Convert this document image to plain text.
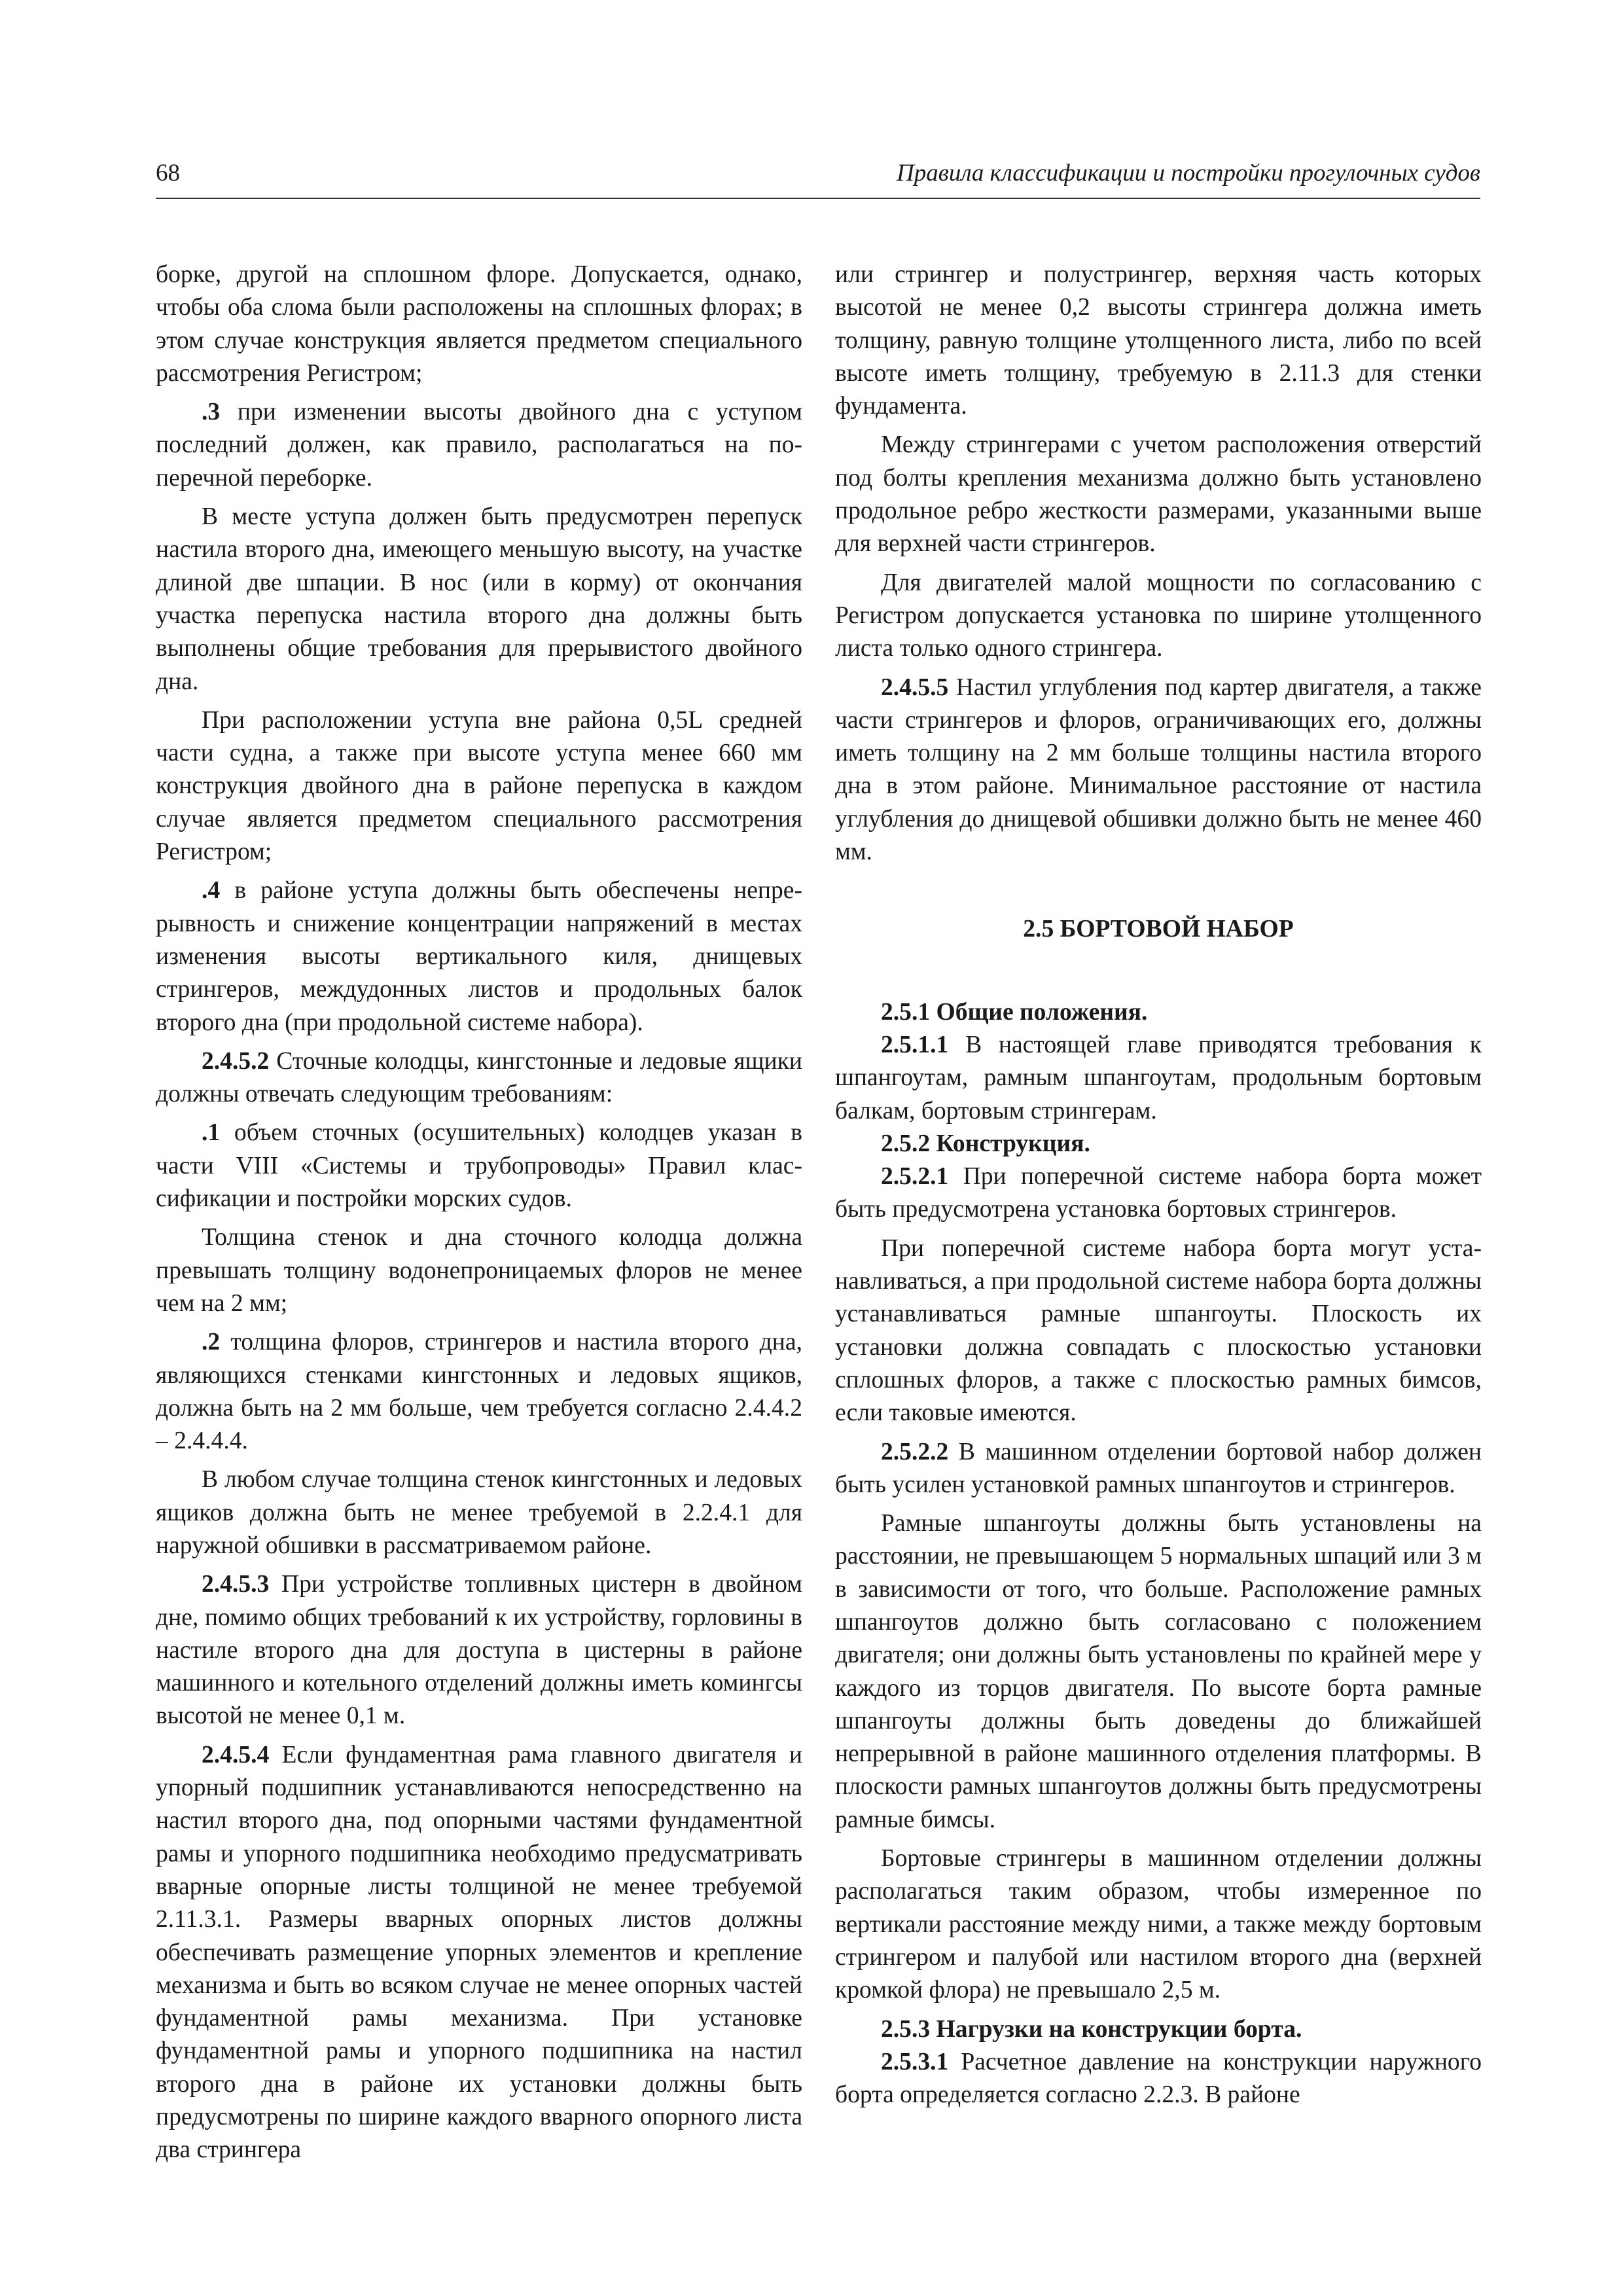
68	Правила классификации и постройки прогулочных судов

борке, другой на сплошном флоре. Допускается, однако, чтобы оба слома были расположены на сплошных флорах; в этом случае конструкция является предметом специального рассмотрения Регистром;

.3 при изменении высоты двойного дна с уступом последний должен, как правило, располагаться на поперечной переборке.

В месте уступа должен быть предусмотрен перепуск настила второго дна, имеющего меньшую высоту, на участке длиной две шпации. В нос (или в корму) от окончания участка перепуска настила второго дна должны быть выполнены общие требования для прерывистого двойного дна.

При расположении уступа вне района 0,5L средней части судна, а также при высоте уступа менее 660 мм конструкция двойного дна в районе перепуска в каждом случае является предметом специального рассмотрения Регистром;

.4 в районе уступа должны быть обеспечены непрерывность и снижение концентрации напряжений в местах изменения высоты вертикального киля, днищевых стрингеров, междудонных листов и продольных балок второго дна (при продольной системе набора).

2.4.5.2 Сточные колодцы, кингстонные и ледовые ящики должны отвечать следующим требованиям:

.1 объем сточных (осушительных) колодцев указан в части VIII «Системы и трубопроводы» Правил классификации и постройки морских судов.

Толщина стенок и дна сточного колодца должна превышать толщину водонепроницаемых флоров не менее чем на 2 мм;

.2 толщина флоров, стрингеров и настила второго дна, являющихся стенками кингстонных и ледовых ящиков, должна быть на 2 мм больше, чем требуется согласно 2.4.4.2 – 2.4.4.4.

В любом случае толщина стенок кингстонных и ледовых ящиков должна быть не менее требуемой в 2.2.4.1 для наружной обшивки в рассматриваемом районе.

2.4.5.3 При устройстве топливных цистерн в двойном дне, помимо общих требований к их устройству, горловины в настиле второго дна для доступа в цистерны в районе машинного и котельного отделений должны иметь комингсы высотой не менее 0,1 м.

2.4.5.4 Если фундаментная рама главного двигателя и упорный подшипник устанавливаются непосредственно на настил второго дна, под опорными частями фундаментной рамы и упорного подшипника необходимо предусматривать вварные опорные листы толщиной не менее требуемой 2.11.3.1. Размеры вварных опорных листов должны обеспечивать размещение упорных элементов и крепление механизма и быть во всяком случае не менее опорных частей фундаментной рамы механизма. При установке фундаментной рамы и упорного подшипника на настил второго дна в районе их установки должны быть предусмотрены по ширине каждого вварного опорного листа два стрингера

или стрингер и полустрингер, верхняя часть которых высотой не менее 0,2 высоты стрингера должна иметь толщину, равную толщине утолщенного листа, либо по всей высоте иметь толщину, требуемую в 2.11.3 для стенки фундамента.

Между стрингерами с учетом расположения отверстий под болты крепления механизма должно быть установлено продольное ребро жесткости размерами, указанными выше для верхней части стрингеров.

Для двигателей малой мощности по согласованию с Регистром допускается установка по ширине утолщенного листа только одного стрингера.

2.4.5.5 Настил углубления под картер двигателя, а также части стрингеров и флоров, ограничивающих его, должны иметь толщину на 2 мм больше толщины настила второго дна в этом районе. Минимальное расстояние от настила углубления до днищевой обшивки должно быть не менее 460 мм.

2.5 БОРТОВОЙ НАБОР

2.5.1 Общие положения.

2.5.1.1 В настоящей главе приводятся требования к шпангоутам, рамным шпангоутам, продольным бортовым балкам, бортовым стрингерам.

2.5.2 Конструкция.

2.5.2.1 При поперечной системе набора борта может быть предусмотрена установка бортовых стрингеров.

При поперечной системе набора борта могут устанавливаться, а при продольной системе набора борта должны устанавливаться рамные шпангоуты. Плоскость их установки должна совпадать с плоскостью установки сплошных флоров, а также с плоскостью рамных бимсов, если таковые имеются.

2.5.2.2 В машинном отделении бортовой набор должен быть усилен установкой рамных шпангоутов и стрингеров.

Рамные шпангоуты должны быть установлены на расстоянии, не превышающем 5 нормальных шпаций или 3 м в зависимости от того, что больше. Расположение рамных шпангоутов должно быть согласовано с положением двигателя; они должны быть установлены по крайней мере у каждого из торцов двигателя. По высоте борта рамные шпангоуты должны быть доведены до ближайшей непрерывной в районе машинного отделения платформы. В плоскости рамных шпангоутов должны быть предусмотрены рамные бимсы.

Бортовые стрингеры в машинном отделении должны располагаться таким образом, чтобы измеренное по вертикали расстояние между ними, а также между бортовым стрингером и палубой или настилом второго дна (верхней кромкой флора) не превышало 2,5 м.

2.5.3 Нагрузки на конструкции борта.

2.5.3.1 Расчетное давление на конструкции наружного борта определяется согласно 2.2.3. В районе
